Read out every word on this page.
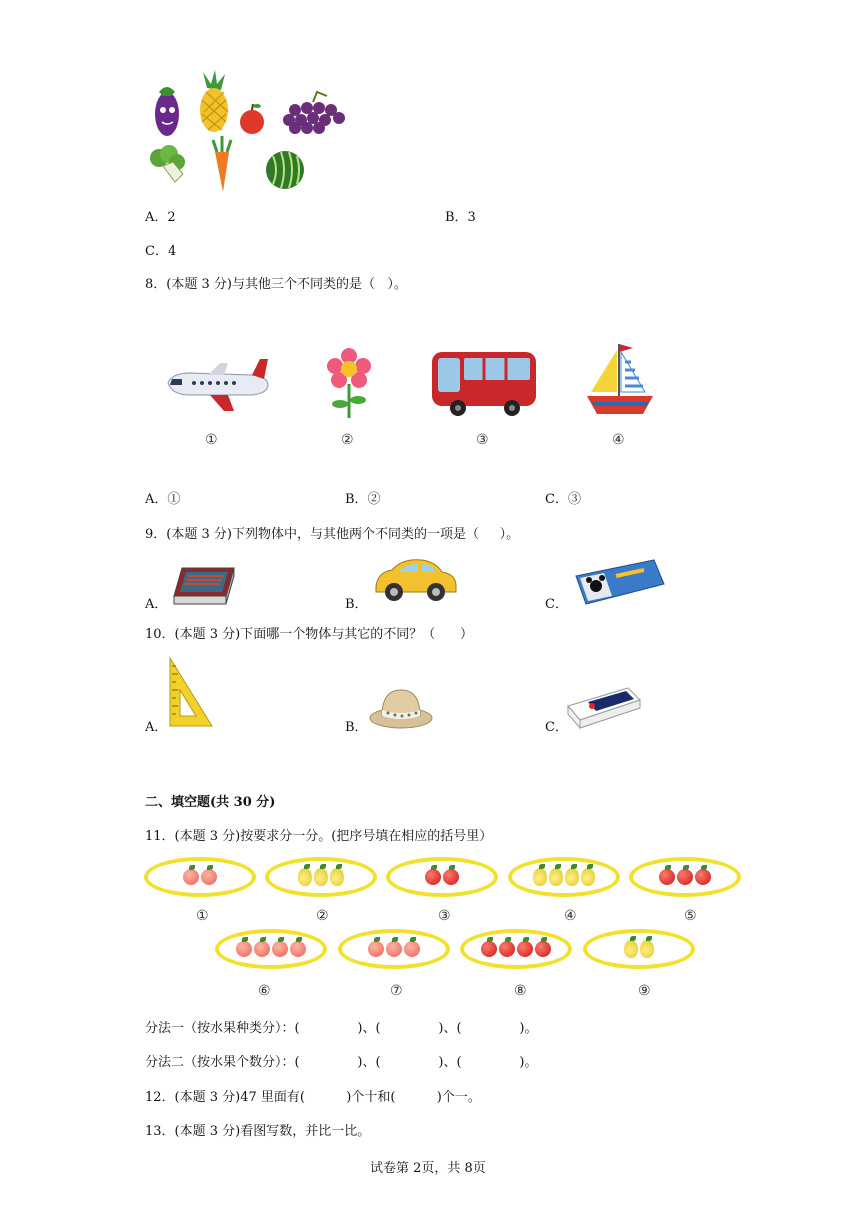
A．2	B．3
C．4
8．(本题 3 分)与其他三个不同类的是（   ）。
①	②	③	④
A．①	B．②	C．③
9．(本题 3 分)下列物体中，与其他两个不同类的一项是（     ）。
A．	B．	C．
10．(本题 3 分)下面哪一个物体与其它的不同？（      ）
A．	B．	C．
二、填空题(共 30 分)
11．(本题 3 分)按要求分一分。(把序号填在相应的括号里）
①	②	③	④	⑤
⑥	⑦	⑧	⑨
分法一（按水果种类分）：(              )、(              )、(              )。
分法二（按水果个数分）：(              )、(              )、(              )。
12．(本题 3 分)47 里面有(          )个十和(          )个一。
13．(本题 3 分)看图写数，并比一比。
试卷第 2页，共 8页
